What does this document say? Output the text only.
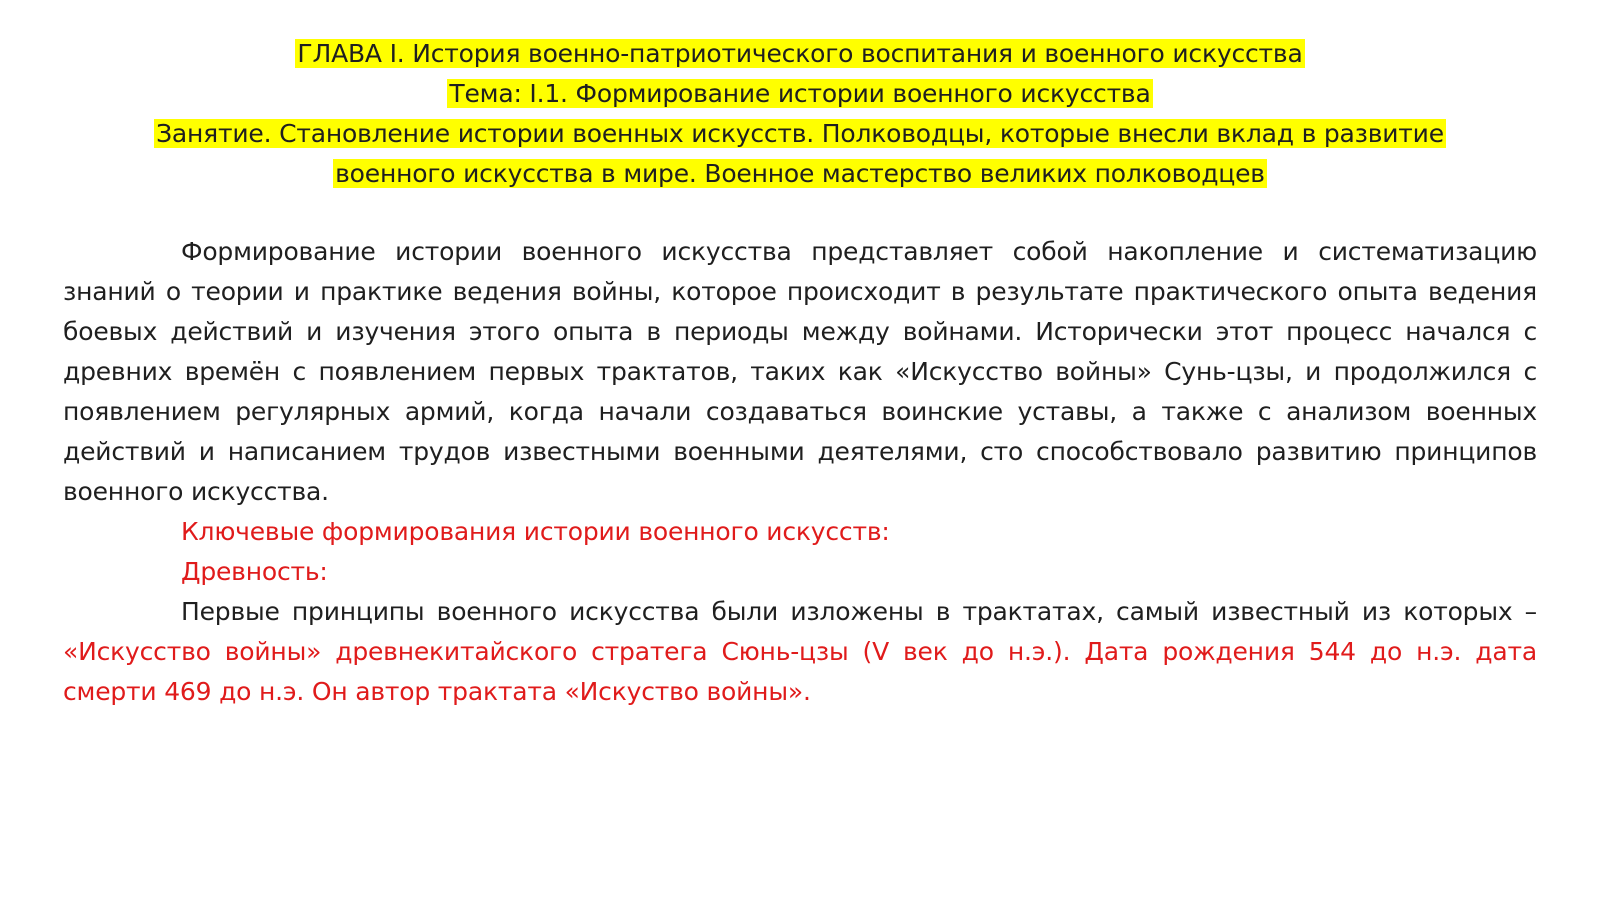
ГЛАВА I. История военно-патриотического воспитания и военного искусства

Тема: I.1. Формирование истории военного искусства

Занятие. Становление истории военных искусств. Полководцы, которые внесли вклад в развитие

военного искусства в мире. Военное мастерство великих полководцев

Формирование истории военного искусства представляет собой накопление и систематизацию знаний о теории и практике ведения войны, которое происходит в результате практического опыта ведения боевых действий и изучения этого опыта в периоды между войнами. Исторически этот процесс начался с древних времён с появлением первых трактатов, таких как «Искусство войны» Сунь-цзы, и продолжился с появлением регулярных армий, когда начали создаваться воинские уставы, а также с анализом военных действий и написанием трудов известными военными деятелями, сто способствовало развитию принципов военного искусства.

Ключевые формирования истории военного искусств:

Древность:

Первые принципы военного искусства были изложены в трактатах, самый известный из которых – «Искусство войны» древнекитайского стратега Сюнь-цзы (V век до н.э.). Дата рождения 544 до н.э. дата смерти 469 до н.э. Он автор трактата «Искуство войны».
